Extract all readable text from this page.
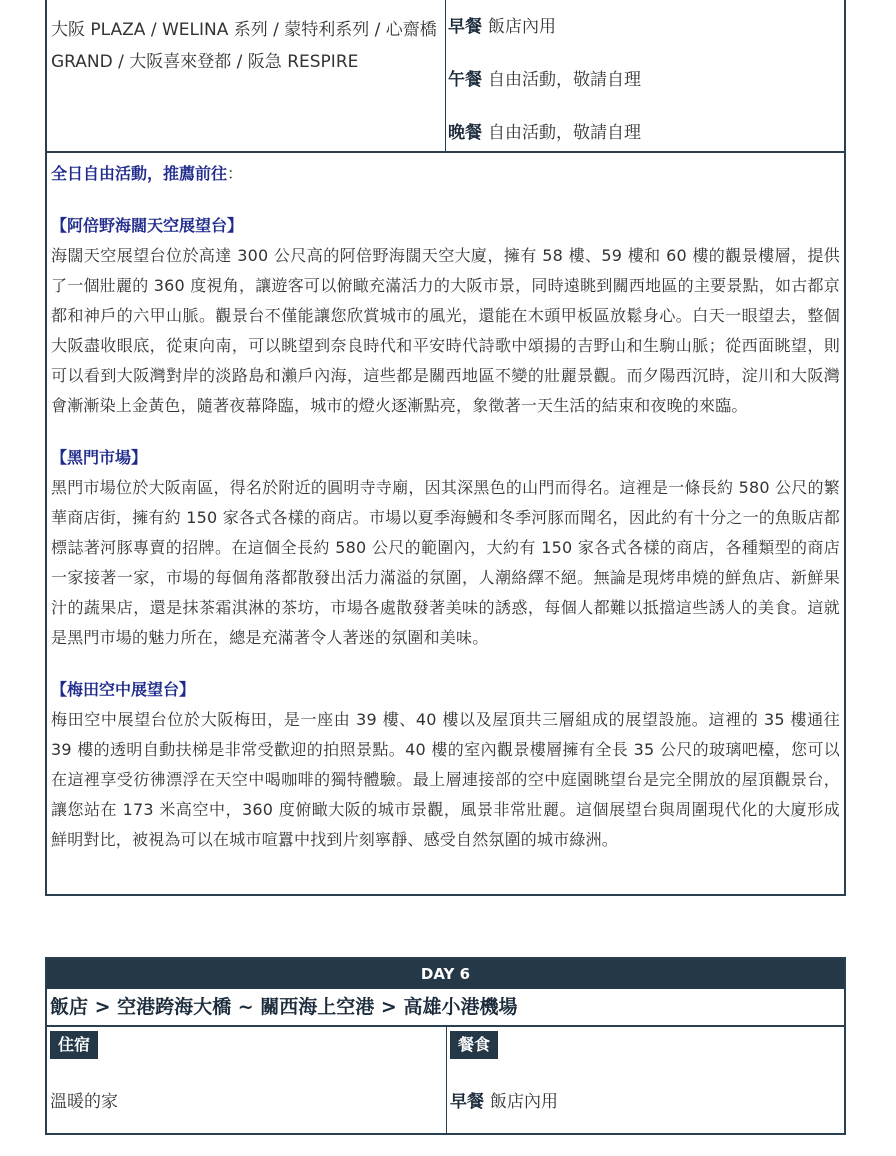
大阪 PLAZA / WELINA 系列 / 蒙特利系列 / 心齋橋 GRAND / 大阪喜來登都 / 阪急 RESPIRE
早餐 飯店內用
午餐 自由活動，敬請自理
晚餐 自由活動，敬請自理
全日自由活動，推薦前往：
【阿倍野海闊天空展望台】
海闊天空展望台位於高達 300 公尺高的阿倍野海闊天空大廈，擁有 58 樓、59 樓和 60 樓的觀景樓層，提供了一個壯麗的 360 度視角，讓遊客可以俯瞰充滿活力的大阪市景，同時遠眺到關西地區的主要景點，如古都京都和神戶的六甲山脈。觀景台不僅能讓您欣賞城市的風光，還能在木頭甲板區放鬆身心。白天一眼望去，整個大阪盡收眼底，從東向南，可以眺望到奈良時代和平安時代詩歌中頌揚的吉野山和生駒山脈；從西面眺望，則可以看到大阪灣對岸的淡路島和瀨戶內海，這些都是關西地區不變的壯麗景觀。而夕陽西沉時，淀川和大阪灣會漸漸染上金黃色，隨著夜幕降臨，城市的燈火逐漸點亮，象徵著一天生活的結束和夜晚的來臨。
【黑門市場】
黑門市場位於大阪南區，得名於附近的圓明寺寺廟，因其深黑色的山門而得名。這裡是一條長約 580 公尺的繁華商店街，擁有約 150 家各式各樣的商店。市場以夏季海鰻和冬季河豚而聞名，因此約有十分之一的魚販店都標誌著河豚專賣的招牌。在這個全長約 580 公尺的範圍內，大約有 150 家各式各樣的商店，各種類型的商店一家接著一家，市場的每個角落都散發出活力滿溢的氛圍，人潮絡繹不絕。無論是現烤串燒的鮮魚店、新鮮果汁的蔬果店，還是抹茶霜淇淋的茶坊，市場各處散發著美味的誘惑，每個人都難以抵擋這些誘人的美食。這就是黑門市場的魅力所在，總是充滿著令人著迷的氛圍和美味。
【梅田空中展望台】
梅田空中展望台位於大阪梅田，是一座由 39 樓、40 樓以及屋頂共三層組成的展望設施。這裡的 35 樓通往 39 樓的透明自動扶梯是非常受歡迎的拍照景點。40 樓的室內觀景樓層擁有全長 35 公尺的玻璃吧檯，您可以在這裡享受彷彿漂浮在天空中喝咖啡的獨特體驗。最上層連接部的空中庭園眺望台是完全開放的屋頂觀景台，讓您站在 173 米高空中，360 度俯瞰大阪的城市景觀，風景非常壯麗。這個展望台與周圍現代化的大廈形成鮮明對比，被視為可以在城市喧囂中找到片刻寧靜、感受自然氛圍的城市綠洲。
DAY 6
飯店 > 空港跨海大橋 ~ 關西海上空港 > 高雄小港機場
住宿
溫暖的家
餐食
早餐 飯店內用
